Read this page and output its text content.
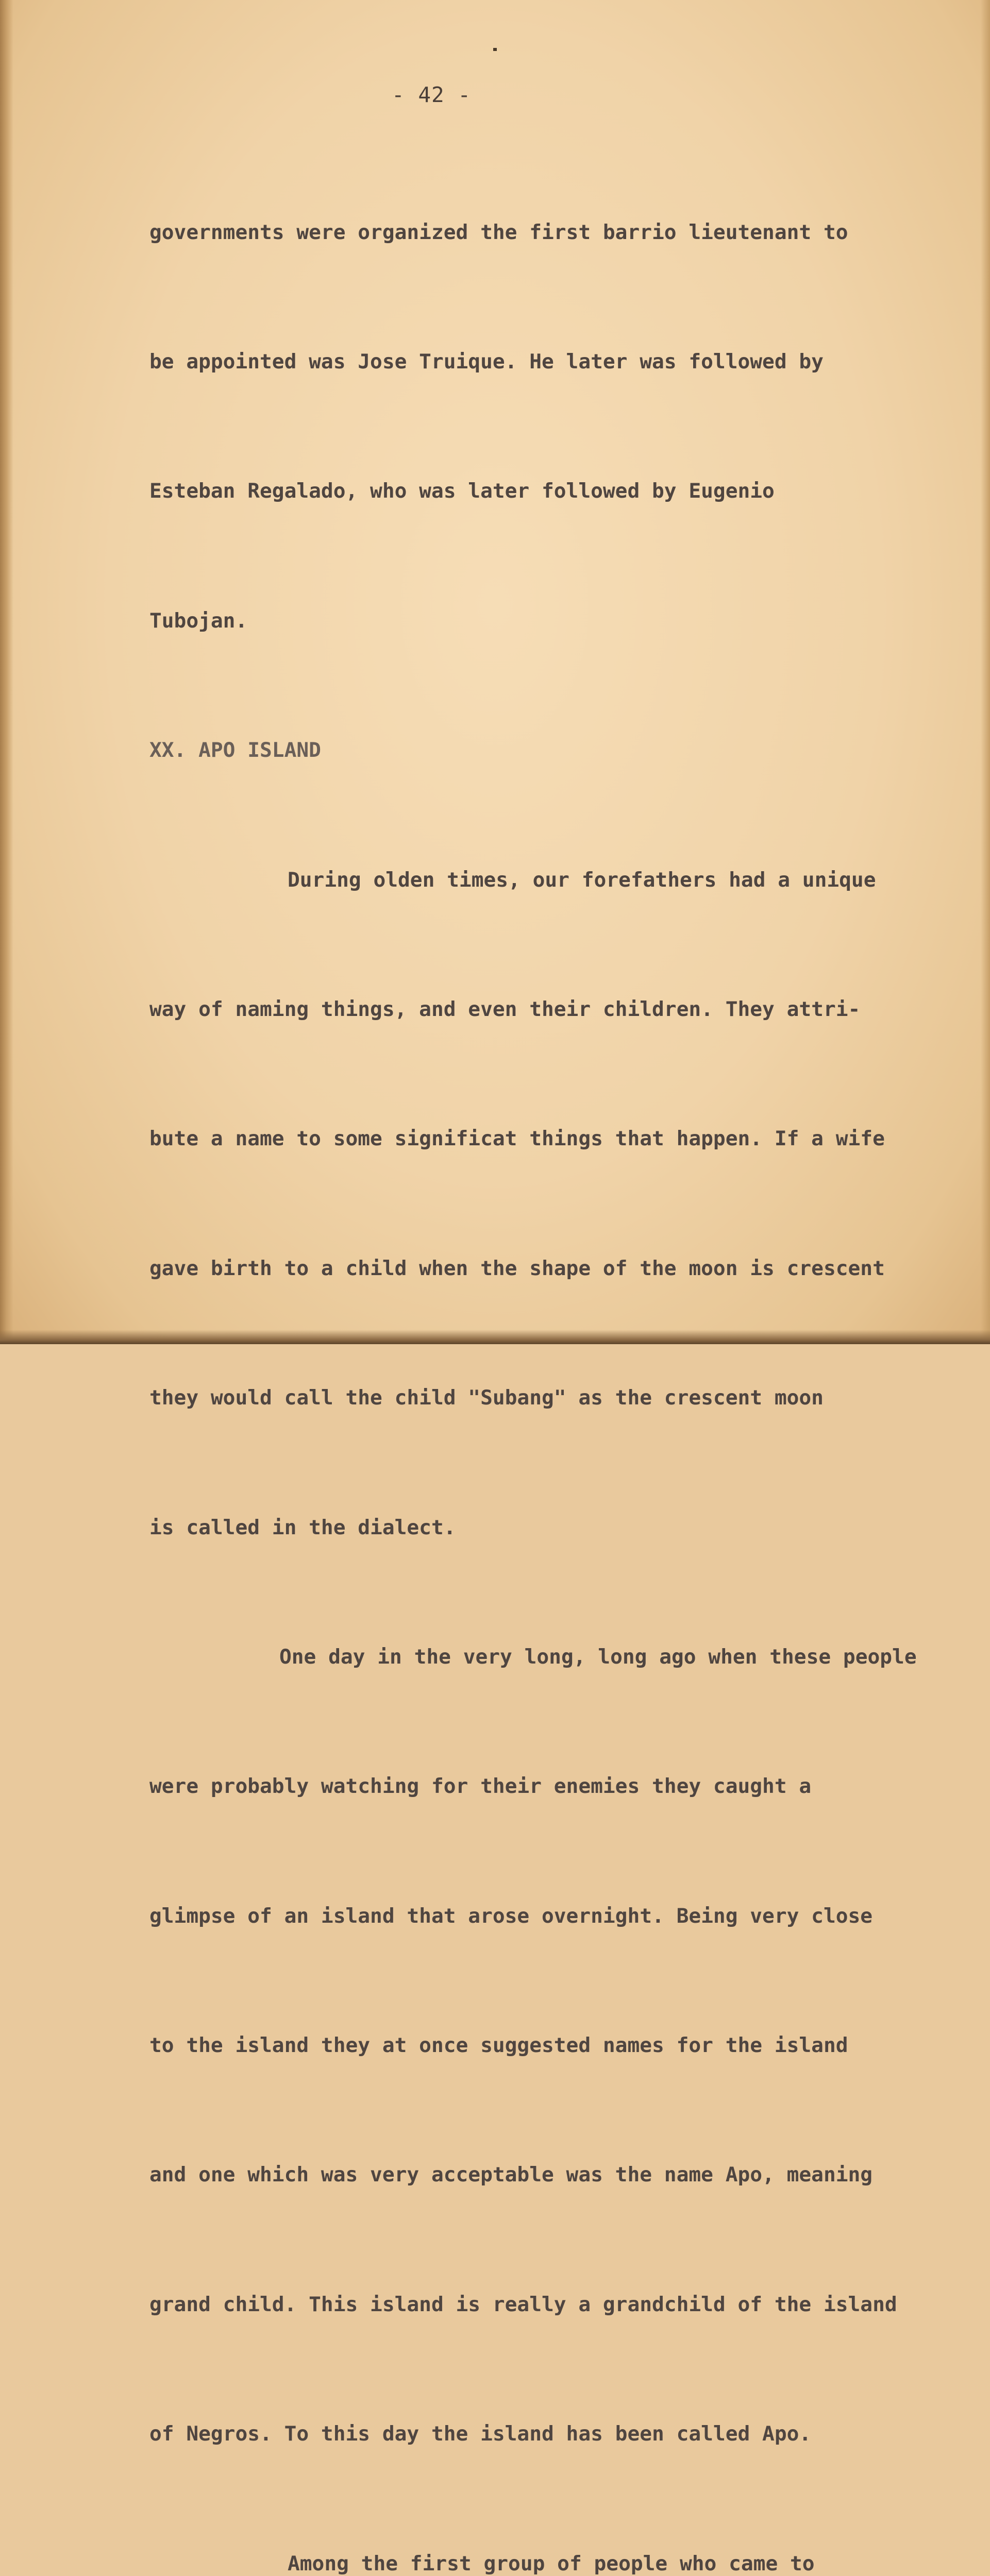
- 42 -

governments were organized the first barrio lieutenant to

be appointed was Jose Truique. He later was followed by

Esteban Regalado, who was later followed by Eugenio

Tubojan.

XX. APO ISLAND

During olden times, our forefathers had a unique

way of naming things, and even their children. They attri-

bute a name to some significat things that happen. If a wife

gave birth to a child when the shape of the moon is crescent

they would call the child "Subang" as the crescent moon

is called in the dialect.

One day in the very long, long ago when these people

were probably watching for their enemies they caught a

glimpse of an island that arose overnight. Being very close

to the island they at once suggested names for the island

and one which was very acceptable was the name Apo, meaning

grand child. This island is really a grandchild of the island

of Negros. To this day the island has been called Apo.

Among the first group of people who came to
